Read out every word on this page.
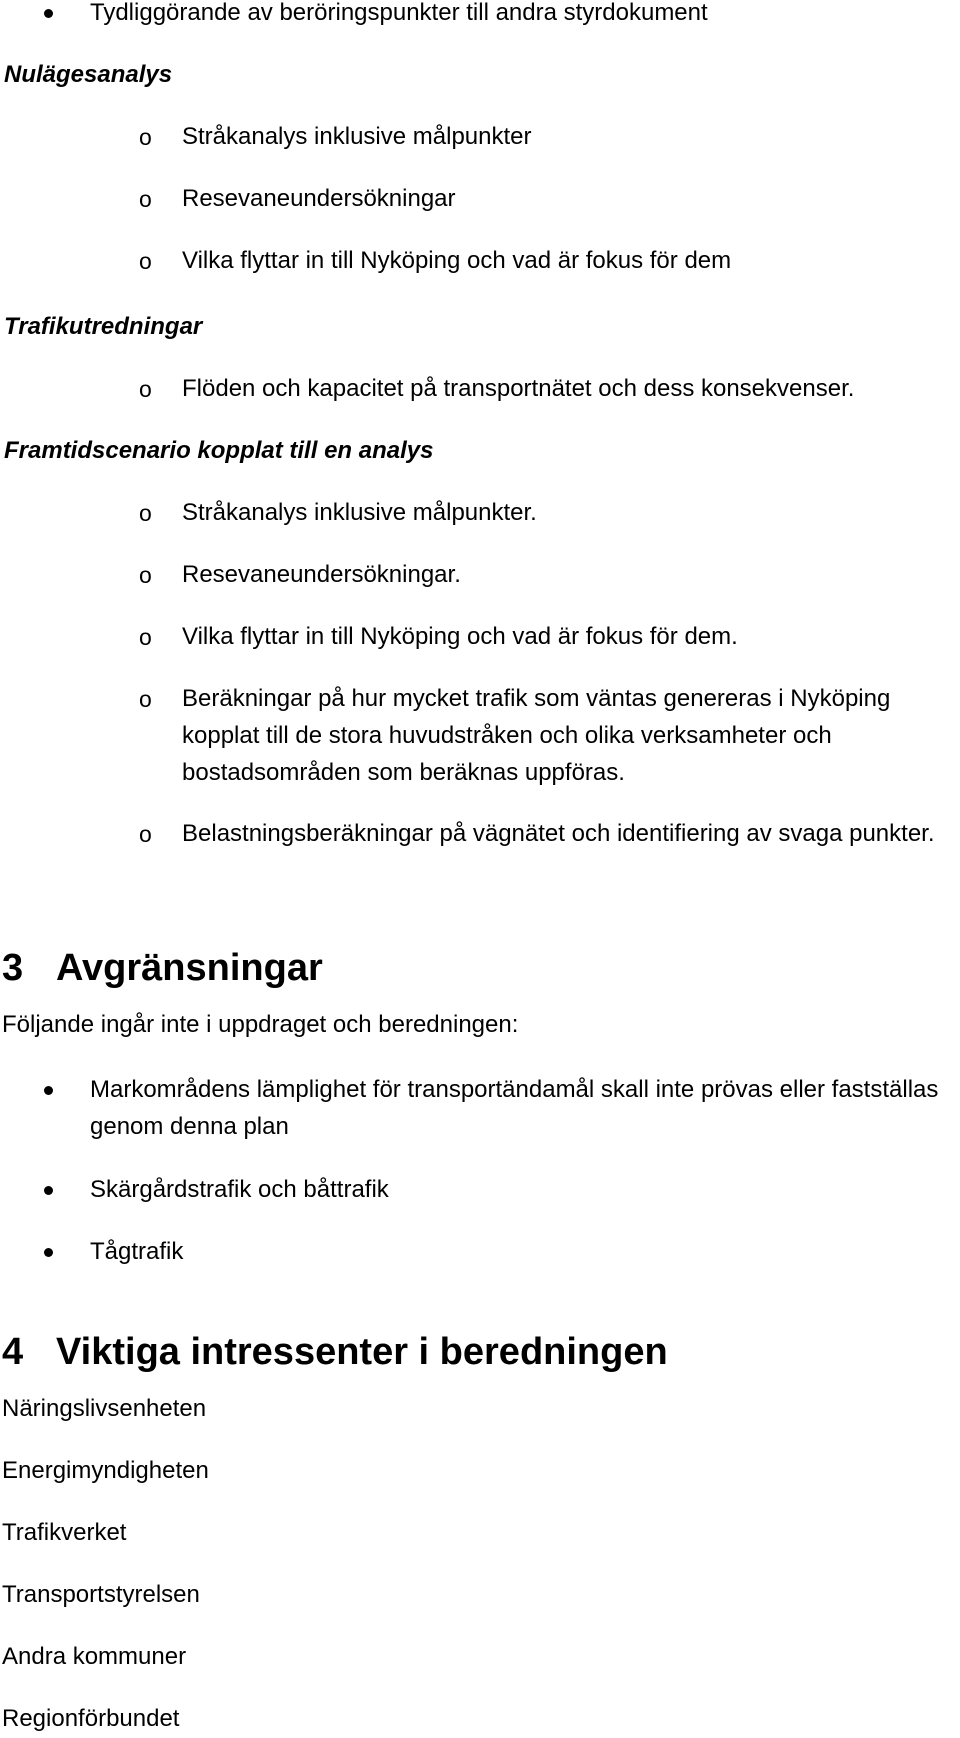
Tydliggörande av beröringspunkter till andra styrdokument
Nulägesanalys
o Stråkanalys inklusive målpunkter
o Resevaneundersökningar
o Vilka flyttar in till Nyköping och vad är fokus för dem
Trafikutredningar
o Flöden och kapacitet på transportnätet och dess konsekvenser.
Framtidscenario kopplat till en analys
o Stråkanalys inklusive målpunkter.
o Resevaneundersökningar.
o Vilka flyttar in till Nyköping och vad är fokus för dem.
o Beräkningar på hur mycket trafik som väntas genereras i Nyköping kopplat till de stora huvudstråken och olika verksamheter och bostadsområden som beräknas uppföras.
o Belastningsberäkningar på vägnätet och identifiering av svaga punkter.
3 Avgränsningar
Följande ingår inte i uppdraget och beredningen:
Markområdens lämplighet för transportändamål skall inte prövas eller fastställas genom denna plan
Skärgårdstrafik och båttrafik
Tågtrafik
4 Viktiga intressenter i beredningen
Näringslivsenheten
Energimyndigheten
Trafikverket
Transportstyrelsen
Andra kommuner
Regionförbundet
